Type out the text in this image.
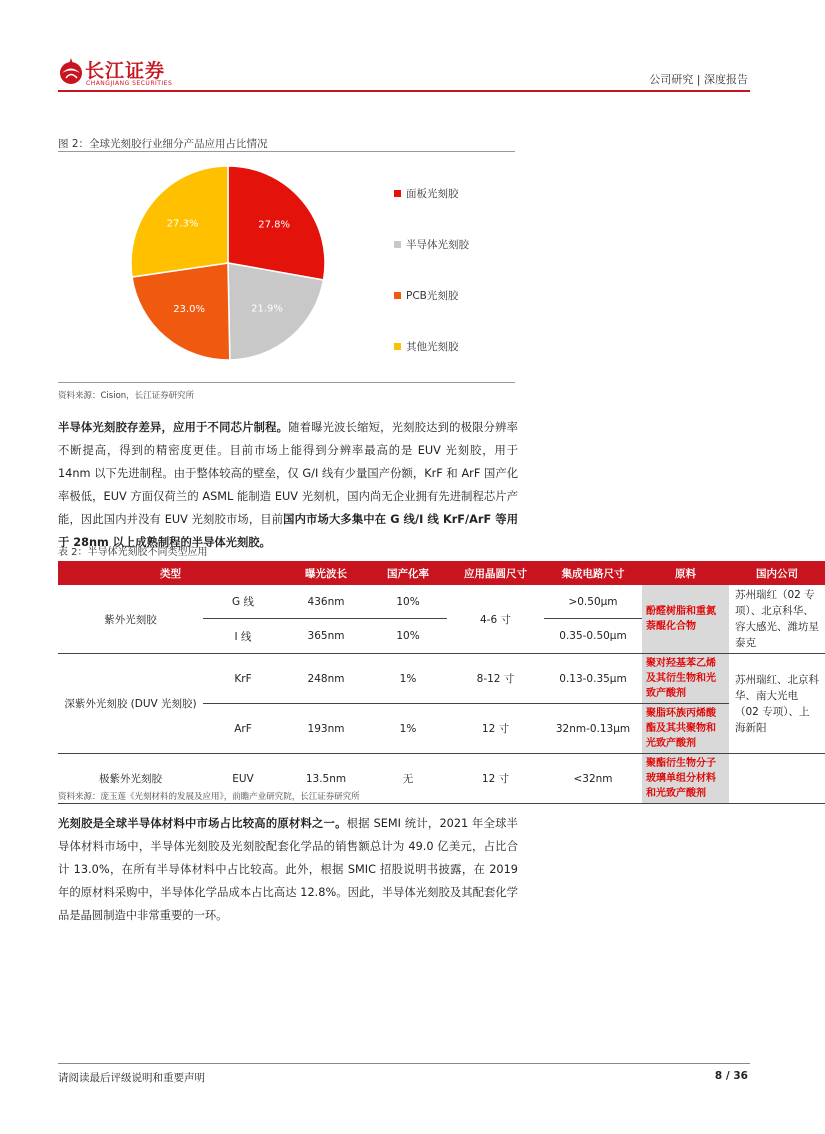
长江证券
CHANGJIANG SECURITIES	公司研究 | 深度报告
图 2：全球光刻胶行业细分产品应用占比情况
27.8%
21.9%
23.0%
27.3%
面板光刻胶
半导体光刻胶
PCB光刻胶
其他光刻胶
资料来源：Cision，长江证券研究所
半导体光刻胶存差异，应用于不同芯片制程。随着曝光波长缩短，光刻胶达到的极限分辨率不断提高，得到的精密度更佳。目前市场上能得到分辨率最高的是 EUV 光刻胶，用于 14nm 以下先进制程。由于整体较高的壁垒，仅 G/I 线有少量国产份额，KrF 和 ArF 国产化率极低，EUV 方面仅荷兰的 ASML 能制造 EUV 光刻机，国内尚无企业拥有先进制程芯片产能，因此国内并没有 EUV 光刻胶市场，目前国内市场大多集中在 G 线/I 线 KrF/ArF 等用于 28nm 以上成熟制程的半导体光刻胶。
表 2：半导体光刻胶不同类型应用
类型		曝光波长	国产化率	应用晶圆尺寸	集成电路尺寸	原料	国内公司
紫外光刻胶	G 线	436nm	10%	4-6 寸	>0.50μm	酚醛树脂和重氮萘醌化合物	苏州瑞红（02 专项）、北京科华、容大感光、潍坊星泰克
	I 线	365nm	10%		0.35-0.50μm		
深紫外光刻胶 (DUV 光刻胶)	KrF	248nm	1%	8-12 寸	0.13-0.35μm	聚对羟基苯乙烯及其衍生物和光致产酸剂	苏州瑞红、北京科华、南大光电（02 专项）、上海新阳
	ArF	193nm	1%	12 寸	32nm-0.13μm	聚脂环族丙烯酸酯及其共聚物和光致产酸剂	
极紫外光刻胶	EUV	13.5nm	无	12 寸	<32nm	聚酯衍生物分子玻璃单组分材料和光致产酸剂	
资料来源：庞玉莲《光刻材料的发展及应用》，前瞻产业研究院，长江证券研究所
光刻胶是全球半导体材料中市场占比较高的原材料之一。根据 SEMI 统计，2021 年全球半导体材料市场中，半导体光刻胶及光刻胶配套化学品的销售额总计为 49.0 亿美元，占比合计 13.0%，在所有半导体材料中占比较高。此外，根据 SMIC 招股说明书披露，在 2019 年的原材料采购中，半导体化学品成本占比高达 12.8%。因此，半导体光刻胶及其配套化学品是晶圆制造中非常重要的一环。
请阅读最后评级说明和重要声明	8 / 36
